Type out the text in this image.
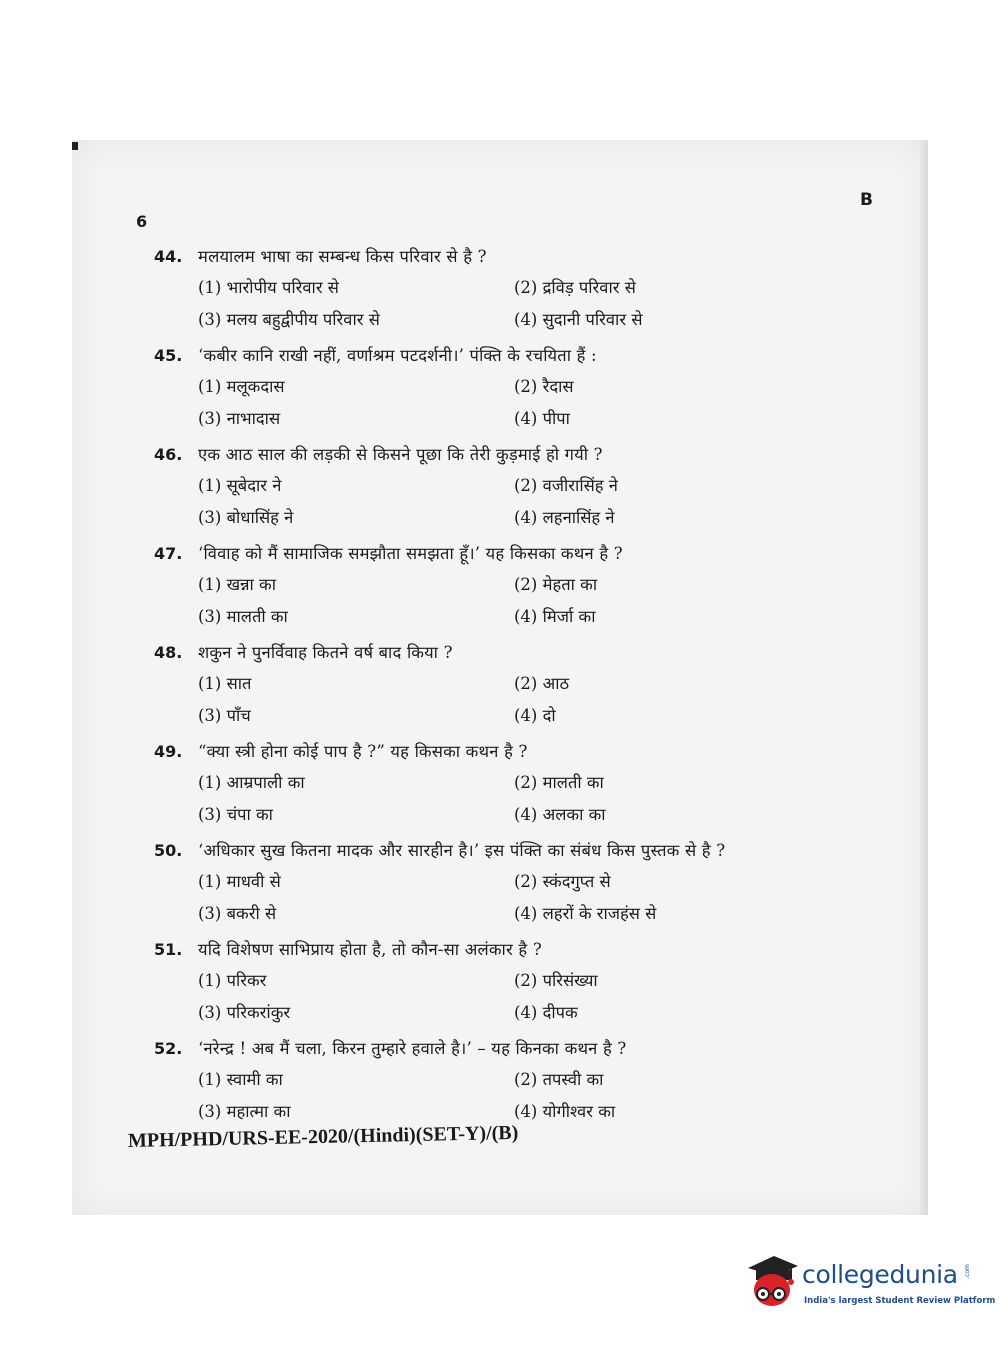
6
B
44. मलयालम भाषा का सम्बन्ध किस परिवार से है ?
(1) भारोपीय परिवार से	(2) द्रविड़ परिवार से
(3) मलय बहुद्वीपीय परिवार से	(4) सुदानी परिवार से
45. ‘कबीर कानि राखी नहीं, वर्णाश्रम पटदर्शनी।’ पंक्ति के रचयिता हैं :
(1) मलूकदास	(2) रैदास
(3) नाभादास	(4) पीपा
46. एक आठ साल की लड़की से किसने पूछा कि तेरी कुड़माई हो गयी ?
(1) सूबेदार ने	(2) वजीरासिंह ने
(3) बोधासिंह ने	(4) लहनासिंह ने
47. ‘विवाह को मैं सामाजिक समझौता समझता हूँ।’ यह किसका कथन है ?
(1) खन्ना का	(2) मेहता का
(3) मालती का	(4) मिर्जा का
48. शकुन ने पुनर्विवाह कितने वर्ष बाद किया ?
(1) सात	(2) आठ
(3) पाँच	(4) दो
49. “क्या स्त्री होना कोई पाप है ?” यह किसका कथन है ?
(1) आम्रपाली का	(2) मालती का
(3) चंपा का	(4) अलका का
50. ‘अधिकार सुख कितना मादक और सारहीन है।’ इस पंक्ति का संबंध किस पुस्तक से है ?
(1) माधवी से	(2) स्कंदगुप्त से
(3) बकरी से	(4) लहरों के राजहंस से
51. यदि विशेषण साभिप्राय होता है, तो कौन-सा अलंकार है ?
(1) परिकर	(2) परिसंख्या
(3) परिकरांकुर	(4) दीपक
52. ‘नरेन्द्र ! अब मैं चला, किरन तुम्हारे हवाले है।’ – यह किनका कथन है ?
(1) स्वामी का	(2) तपस्वी का
(3) महात्मा का	(4) योगीश्वर का
MPH/PHD/URS-EE-2020/(Hindi)(SET-Y)/(B)
collegedunia .com
India's largest Student Review Platform
